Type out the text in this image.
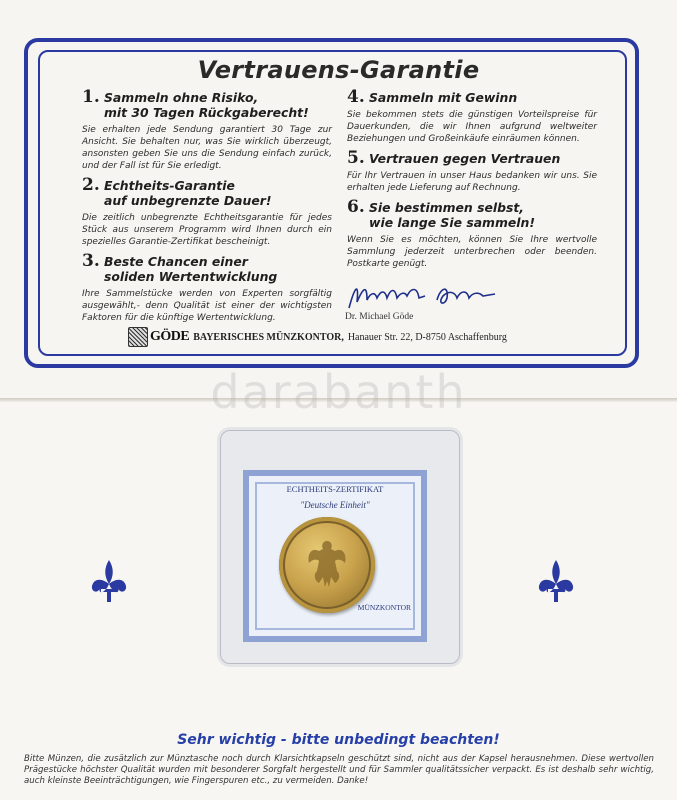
Vertrauens-Garantie
1. Sammeln ohne Risiko,
mit 30 Tagen Rückgaberecht!
Sie erhalten jede Sendung garantiert 30 Tage zur Ansicht. Sie behalten nur, was Sie wirklich überzeugt, ansonsten geben Sie uns die Sendung einfach zurück, und der Fall ist für Sie erledigt.
2. Echtheits-Garantie
auf unbegrenzte Dauer!
Die zeitlich unbegrenzte Echtheitsgarantie für jedes Stück aus unserem Programm wird Ihnen durch ein spezielles Garantie-Zertifikat bescheinigt.
3. Beste Chancen einer
soliden Wertentwicklung
Ihre Sammelstücke werden von Experten sorgfältig ausgewählt,- denn Qualität ist einer der wichtigsten Faktoren für die künftige Wertentwicklung.
4. Sammeln mit Gewinn
Sie bekommen stets die günstigen Vorteilspreise für Dauerkunden, die wir Ihnen aufgrund weltweiter Beziehungen und Großeinkäufe einräumen können.
5. Vertrauen gegen Vertrauen
Für Ihr Vertrauen in unser Haus bedanken wir uns. Sie erhalten jede Lieferung auf Rechnung.
6. Sie bestimmen selbst,
wie lange Sie sammeln!
Wenn Sie es möchten, können Sie Ihre wertvolle Sammlung jederzeit unterbrechen oder beenden. Postkarte genügt.
Dr. Michael Göde
GÖDE BAYERISCHES MÜNZKONTOR, Hanauer Str. 22, D-8750 Aschaffenburg
darabanth
ECHTHEITS-ZERTIFIKAT
"Deutsche Einheit"
MÜNZKONTOR
Sehr wichtig - bitte unbedingt beachten!
Bitte Münzen, die zusätzlich zur Münztasche noch durch Klarsichtkapseln geschützt sind, nicht aus der Kapsel herausnehmen. Diese wertvollen Prägestücke höchster Qualität wurden mit besonderer Sorgfalt hergestellt und für Sammler qualitätssicher verpackt. Es ist deshalb sehr wichtig, auch kleinste Beeinträchtigungen, wie Fingerspuren etc., zu vermeiden. Danke!
